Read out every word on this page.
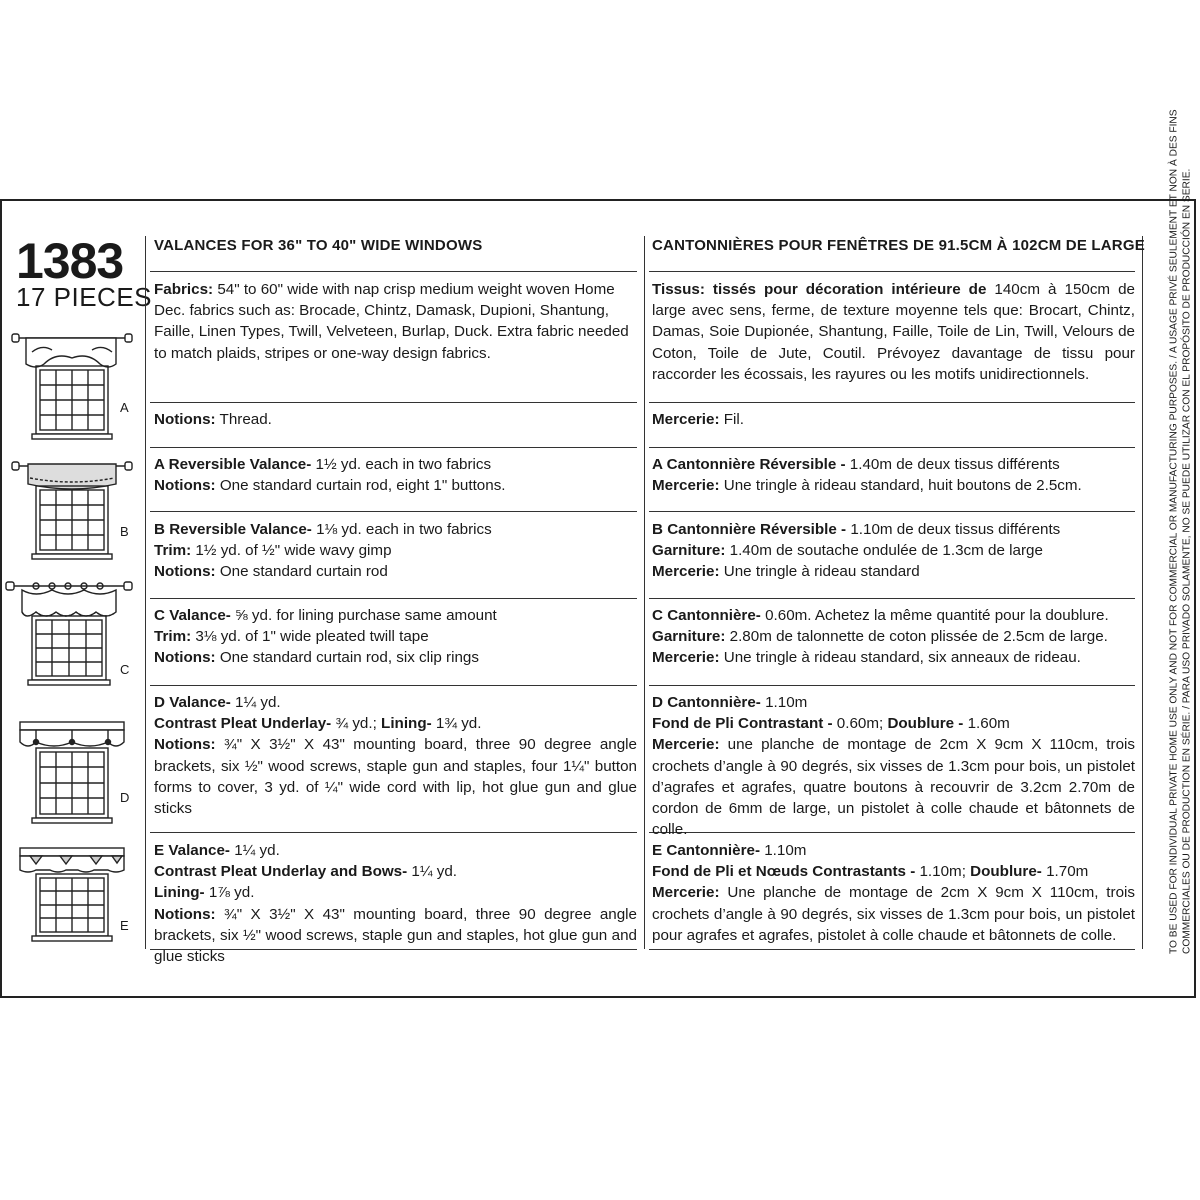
1383
17 PIECES
A
B
C
D
E
VALANCES FOR 36" TO 40" WIDE WINDOWS	CANTONNIÈRES POUR FENÊTRES DE 91.5CM À 102CM DE LARGE
Fabrics: 54" to 60" wide with nap crisp medium weight woven Home Dec. fabrics such as: Brocade, Chintz, Damask, Dupioni, Shantung, Faille, Linen Types, Twill, Velveteen, Burlap, Duck. Extra fabric needed to match plaids, stripes or one-way design fabrics.
Notions: Thread.
A Reversible Valance- 1½ yd. each in two fabrics
Notions: One standard curtain rod, eight 1" buttons.
B Reversible Valance- 1⅛ yd. each in two fabrics
Trim: 1½ yd. of ½" wide wavy gimp
Notions: One standard curtain rod
C Valance- ⅝ yd. for lining purchase same amount
Trim: 3⅛ yd. of 1" wide pleated twill tape
Notions: One standard curtain rod, six clip rings
D Valance- 1¼ yd.
Contrast Pleat Underlay- ¾ yd.; Lining- 1¾ yd.
Notions: ¾" X 3½" X 43" mounting board, three 90 degree angle brackets, six ½" wood screws, staple gun and staples, four 1¼" button forms to cover, 3 yd. of ¼" wide cord with lip, hot glue gun and glue sticks
E Valance- 1¼ yd.
Contrast Pleat Underlay and Bows- 1¼ yd.
Lining- 1⅞ yd.
Notions: ¾" X 3½" X 43" mounting board, three 90 degree angle brackets, six ½" wood screws, staple gun and staples, hot glue gun and glue sticks
Tissus: tissés pour décoration intérieure de 140cm à 150cm de large avec sens, ferme, de texture moyenne tels que: Brocart, Chintz, Damas, Soie Dupionée, Shantung, Faille, Toile de Lin, Twill, Velours de Coton, Toile de Jute, Coutil. Prévoyez davantage de tissu pour raccorder les écossais, les rayures ou les motifs unidirectionnels.
Mercerie: Fil.
A Cantonnière Réversible - 1.40m de deux tissus différents
Mercerie: Une tringle à rideau standard, huit boutons de 2.5cm.
B Cantonnière Réversible - 1.10m de deux tissus différents
Garniture: 1.40m de soutache ondulée de 1.3cm de large
Mercerie: Une tringle à rideau standard
C Cantonnière- 0.60m. Achetez la même quantité pour la doublure.
Garniture: 2.80m de talonnette de coton plissée de 2.5cm de large.
Mercerie: Une tringle à rideau standard, six anneaux de rideau.
D Cantonnière- 1.10m
Fond de Pli Contrastant - 0.60m; Doublure - 1.60m
Mercerie: une planche de montage de 2cm X 9cm X 110cm, trois crochets d’angle à 90 degrés, six visses de 1.3cm pour bois, un pistolet d’agrafes et agrafes, quatre boutons à recouvrir de 3.2cm 2.70m de cordon de 6mm de large, un pistolet à colle chaude et bâtonnets de colle.
E Cantonnière- 1.10m
Fond de Pli et Nœuds Contrastants - 1.10m; Doublure- 1.70m
Mercerie: Une planche de montage de 2cm X 9cm X 110cm, trois crochets d’angle à 90 degrés, six visses de 1.3cm pour bois, un pistolet pour agrafes et agrafes, pistolet à colle chaude et bâtonnets de colle.	TO BE USED FOR INDIVIDUAL PRIVATE HOME USE ONLY AND NOT FOR COMMERCIAL OR MANUFACTURING PURPOSES. / A USAGE PRIVÉ SEULEMENT ET NON À DES FINS COMMERCIALES OU DE PRODUCTION EN SÉRIE. / PARA USO PRIVADO SOLAMENTE, NO SE PUEDE UTILIZAR CON EL PROPÓSITO DE PRODUCCIÓN EN SERIE.
